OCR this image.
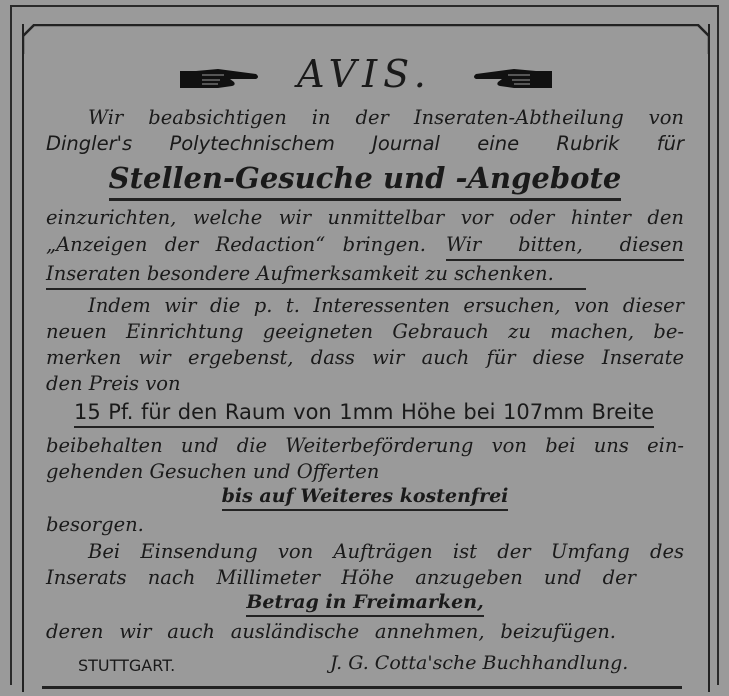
AVIS.
Wir beabsichtigen in der Inseraten-Abtheilung von
Dingler's Polytechnischem Journal eine Rubrik für
Stellen-Gesuche und -Angebote
einzurichten, welche wir unmittelbar vor oder hinter den
„Anzeigen der Redaction“ bringen. Wir bitten, diesen
Inseraten besondere Aufmerksamkeit zu schenken.
Indem wir die p. t. Interessenten ersuchen, von dieser
neuen Einrichtung geeigneten Gebrauch zu machen, be-
merken wir ergebenst, dass wir auch für diese Inserate
den Preis von
15 Pf. für den Raum von 1mm Höhe bei 107mm Breite
beibehalten und die Weiterbeförderung von bei uns ein-
gehenden Gesuchen und Offerten
bis auf Weiteres kostenfrei
besorgen.
Bei Einsendung von Aufträgen ist der Umfang des
Inserats nach Millimeter Höhe anzugeben und der
Betrag in Freimarken,
deren wir auch ausländische annehmen, beizufügen.
STUTTGART.	J. G. Cotta'sche Buchhandlung.
